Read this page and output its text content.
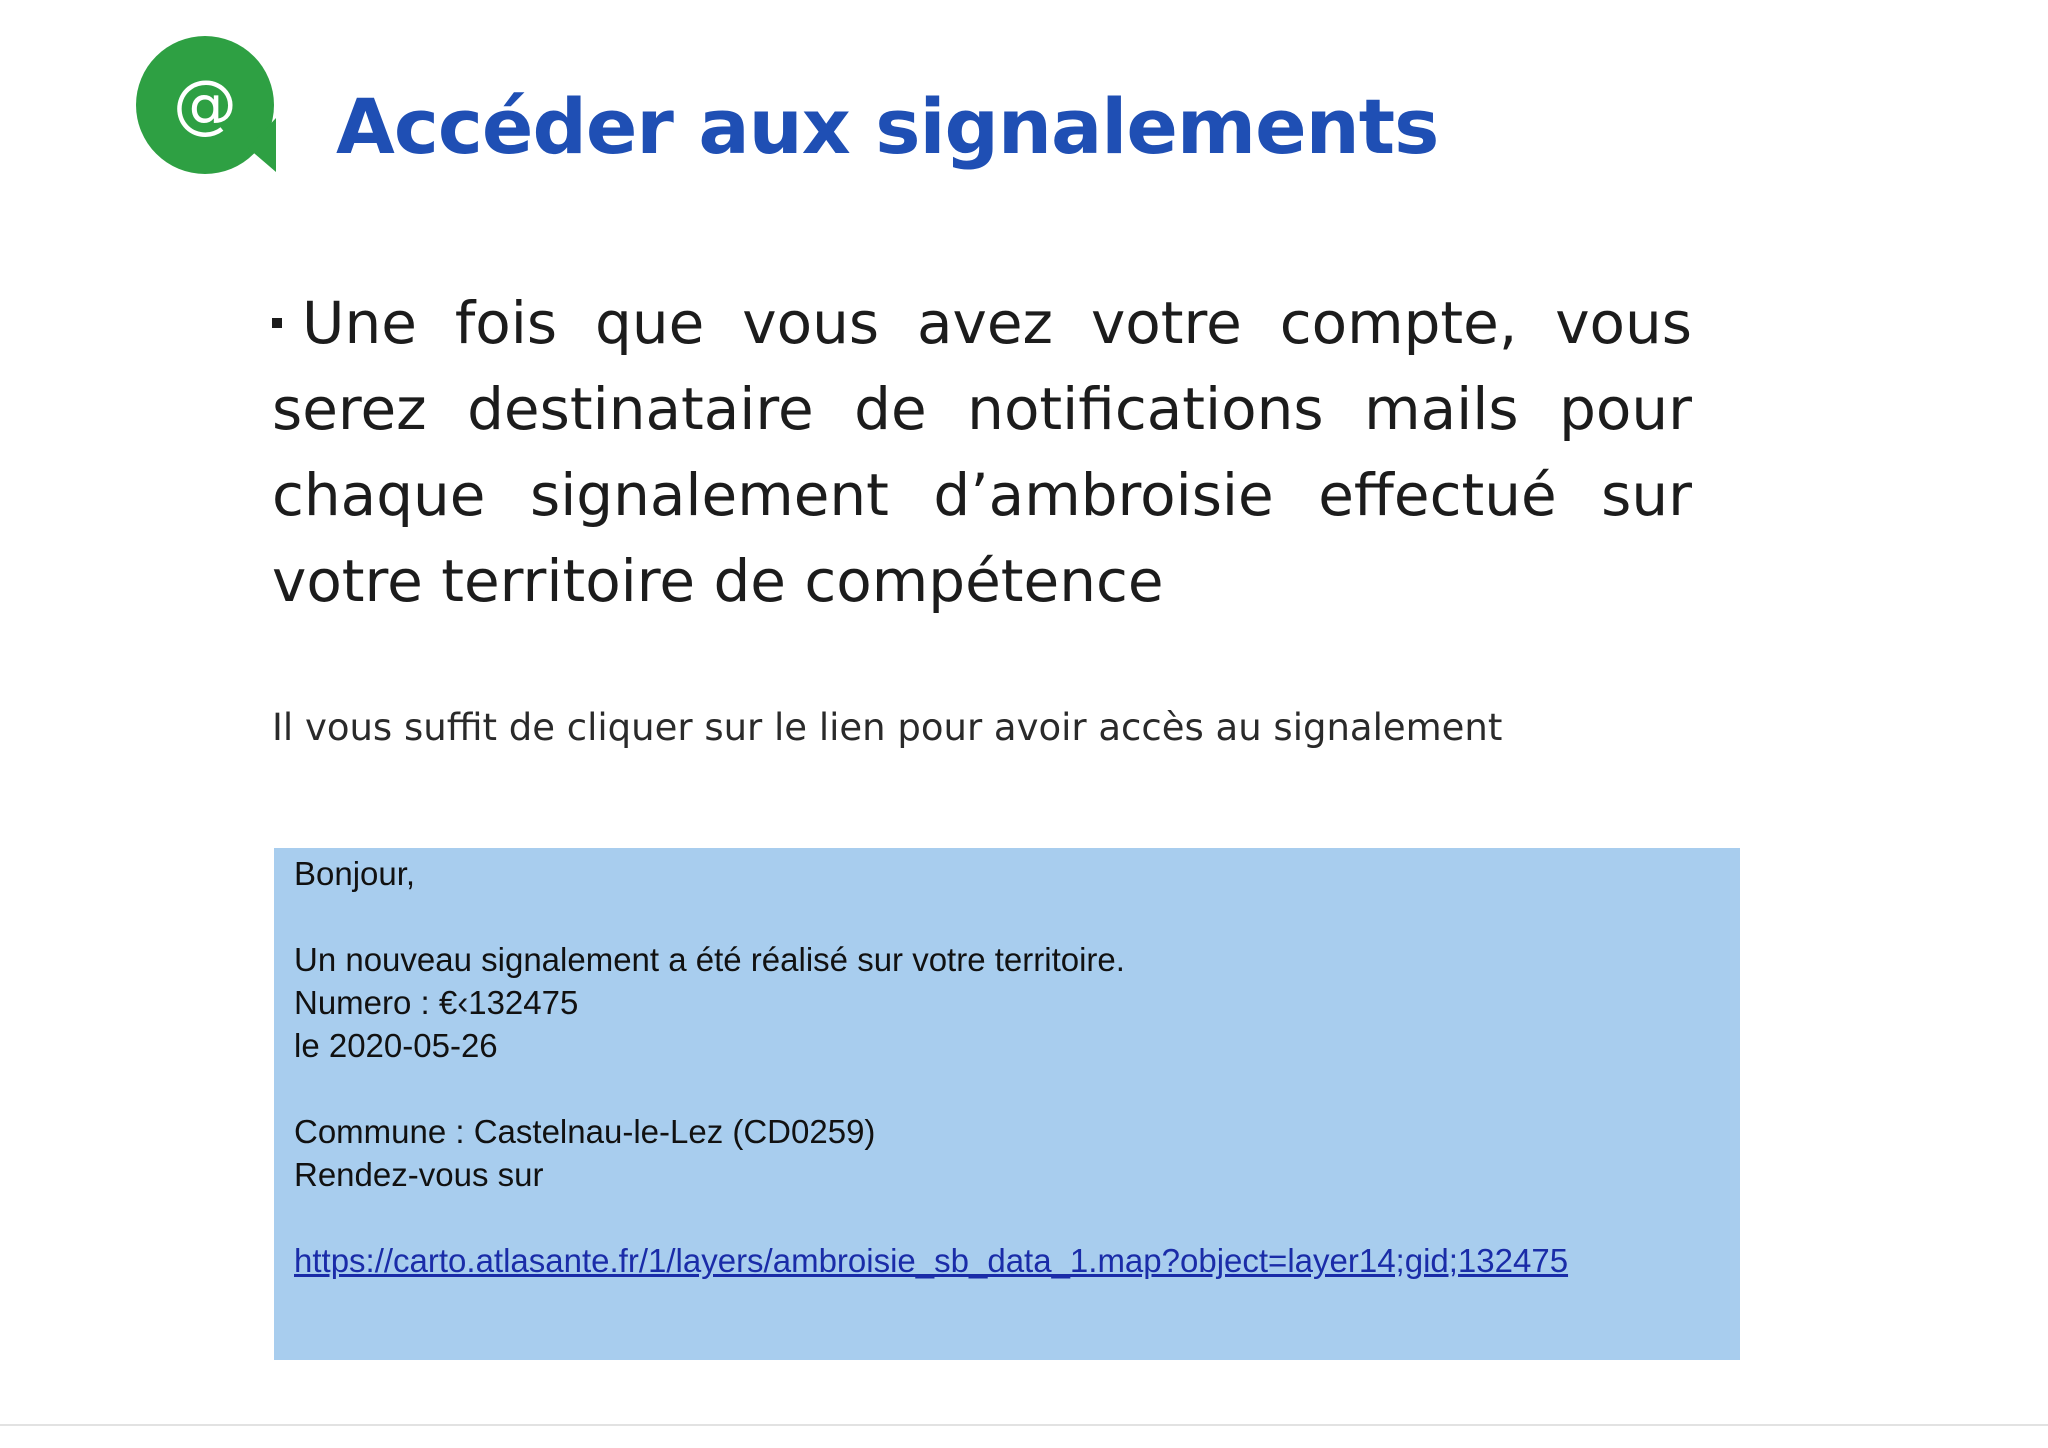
@	Accéder aux signalements

Une fois que vous avez votre compte, vous serez destinataire de notifications mails pour chaque signalement d’ambroisie effectué sur votre territoire de compétence

Il vous suffit de cliquer sur le lien pour avoir accès au signalement

Bonjour,
Un nouveau signalement a été réalisé sur votre territoire.
Numero : €‹132475
le 2020-05-26
Commune : Castelnau-le-Lez (CD0259)
Rendez-vous sur
https://carto.atlasante.fr/1/layers/ambroisie_sb_data_1.map?object=layer14;gid;132475
